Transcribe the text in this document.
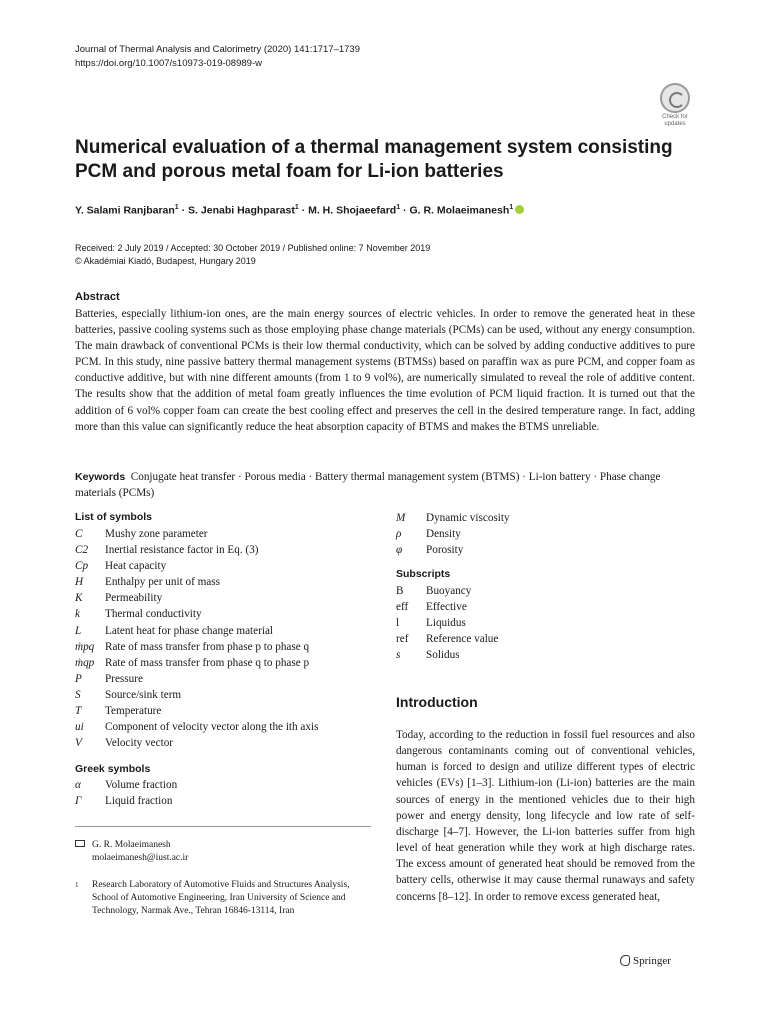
Journal of Thermal Analysis and Calorimetry (2020) 141:1717–1739
https://doi.org/10.1007/s10973-019-08989-w
Check for updates
Numerical evaluation of a thermal management system consisting PCM and porous metal foam for Li-ion batteries
Y. Salami Ranjbaran$^1$ · S. Jenabi Haghparast$^1$ · M. H. Shojaeefard$^1$ · G. R. Molaeimanesh$^1$
Received: 2 July 2019 / Accepted: 30 October 2019 / Published online: 7 November 2019
© Akadémiai Kiadó, Budapest, Hungary 2019
Abstract
Batteries, especially lithium-ion ones, are the main energy sources of electric vehicles. In order to remove the generated heat in these batteries, passive cooling systems such as those employing phase change materials (PCMs) can be used, without any energy consumption. The main drawback of conventional PCMs is their low thermal conductivity, which can be solved by adding conductive additives to pure PCM. In this study, nine passive battery thermal management systems (BTMSs) based on paraffin wax as pure PCM, and copper foam as conductive additive, but with nine different amounts (from 1 to 9 vol%), are numerically simulated to reveal the role of additive content. The results show that the addition of metal foam greatly influences the time evolution of PCM liquid fraction. It is turned out that the addition of 6 vol% copper foam can create the best cooling effect and preserves the cell in the desired temperature range. In fact, adding more than this value can significantly reduce the heat absorption capacity of BTMS and makes the BTMS unreliable.
Keywords Conjugate heat transfer · Porous media · Battery thermal management system (BTMS) · Li-ion battery · Phase change materials (PCMs)
List of symbols
C Mushy zone parameter
C2 Inertial resistance factor in Eq. (3)
Cp Heat capacity
H Enthalpy per unit of mass
K Permeability
k Thermal conductivity
L Latent heat for phase change material
ṁpq Rate of mass transfer from phase p to phase q
ṁqp Rate of mass transfer from phase q to phase p
P Pressure
S Source/sink term
T Temperature
ui Component of velocity vector along the ith axis
V⃗ Velocity vector
Greek symbols
α Volume fraction
Γ Liquid fraction
M Dynamic viscosity
ρ Density
φ Porosity
Subscripts
B Buoyancy
eff Effective
l Liquidus
ref Reference value
s Solidus
Introduction
Today, according to the reduction in fossil fuel resources and also dangerous contaminants coming out of conventional vehicles, human is forced to design and utilize different types of electric vehicles (EVs) [1–3]. Lithium-ion (Li-ion) batteries are the main sources of energy in the mentioned vehicles due to their high power and energy density, long lifecycle and low rate of self-discharge [4–7]. However, the Li-ion batteries suffer from high level of heat generation while they work at high discharge rates. The excess amount of generated heat should be removed from the battery cells, otherwise it may cause thermal runaways and safety concerns [8–12]. In order to remove excess generated heat,
G. R. Molaeimanesh
molaeimanesh@iust.ac.ir
1 Research Laboratory of Automotive Fluids and Structures Analysis, School of Automotive Engineering, Iran University of Science and Technology, Narmak Ave., Tehran 16846-13114, Iran
Springer
